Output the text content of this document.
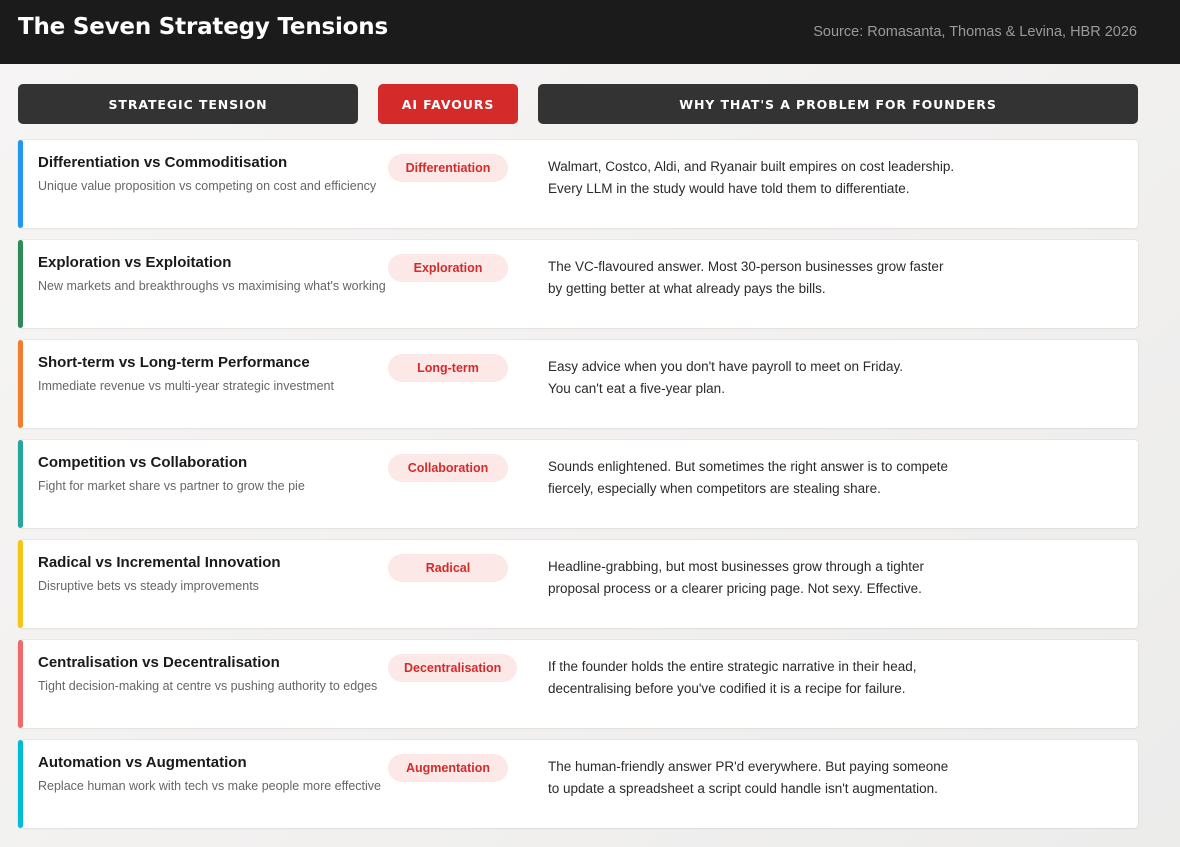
The Seven Strategy Tensions	Source: Romasanta, Thomas & Levina, HBR 2026
STRATEGIC TENSION	AI FAVOURS	WHY THAT'S A PROBLEM FOR FOUNDERS
Differentiation vs Commoditisation
Unique value proposition vs competing on cost and efficiency
Differentiation	Walmart, Costco, Aldi, and Ryanair built empires on cost leadership.
Every LLM in the study would have told them to differentiate.
Exploration vs Exploitation
New markets and breakthroughs vs maximising what's working
Exploration	The VC-flavoured answer. Most 30-person businesses grow faster
by getting better at what already pays the bills.
Short-term vs Long-term Performance
Immediate revenue vs multi-year strategic investment
Long-term	Easy advice when you don't have payroll to meet on Friday.
You can't eat a five-year plan.
Competition vs Collaboration
Fight for market share vs partner to grow the pie
Collaboration	Sounds enlightened. But sometimes the right answer is to compete
fiercely, especially when competitors are stealing share.
Radical vs Incremental Innovation
Disruptive bets vs steady improvements
Radical	Headline-grabbing, but most businesses grow through a tighter
proposal process or a clearer pricing page. Not sexy. Effective.
Centralisation vs Decentralisation
Tight decision-making at centre vs pushing authority to edges
Decentralisation	If the founder holds the entire strategic narrative in their head,
decentralising before you've codified it is a recipe for failure.
Automation vs Augmentation
Replace human work with tech vs make people more effective
Augmentation	The human-friendly answer PR'd everywhere. But paying someone
to update a spreadsheet a script could handle isn't augmentation.
